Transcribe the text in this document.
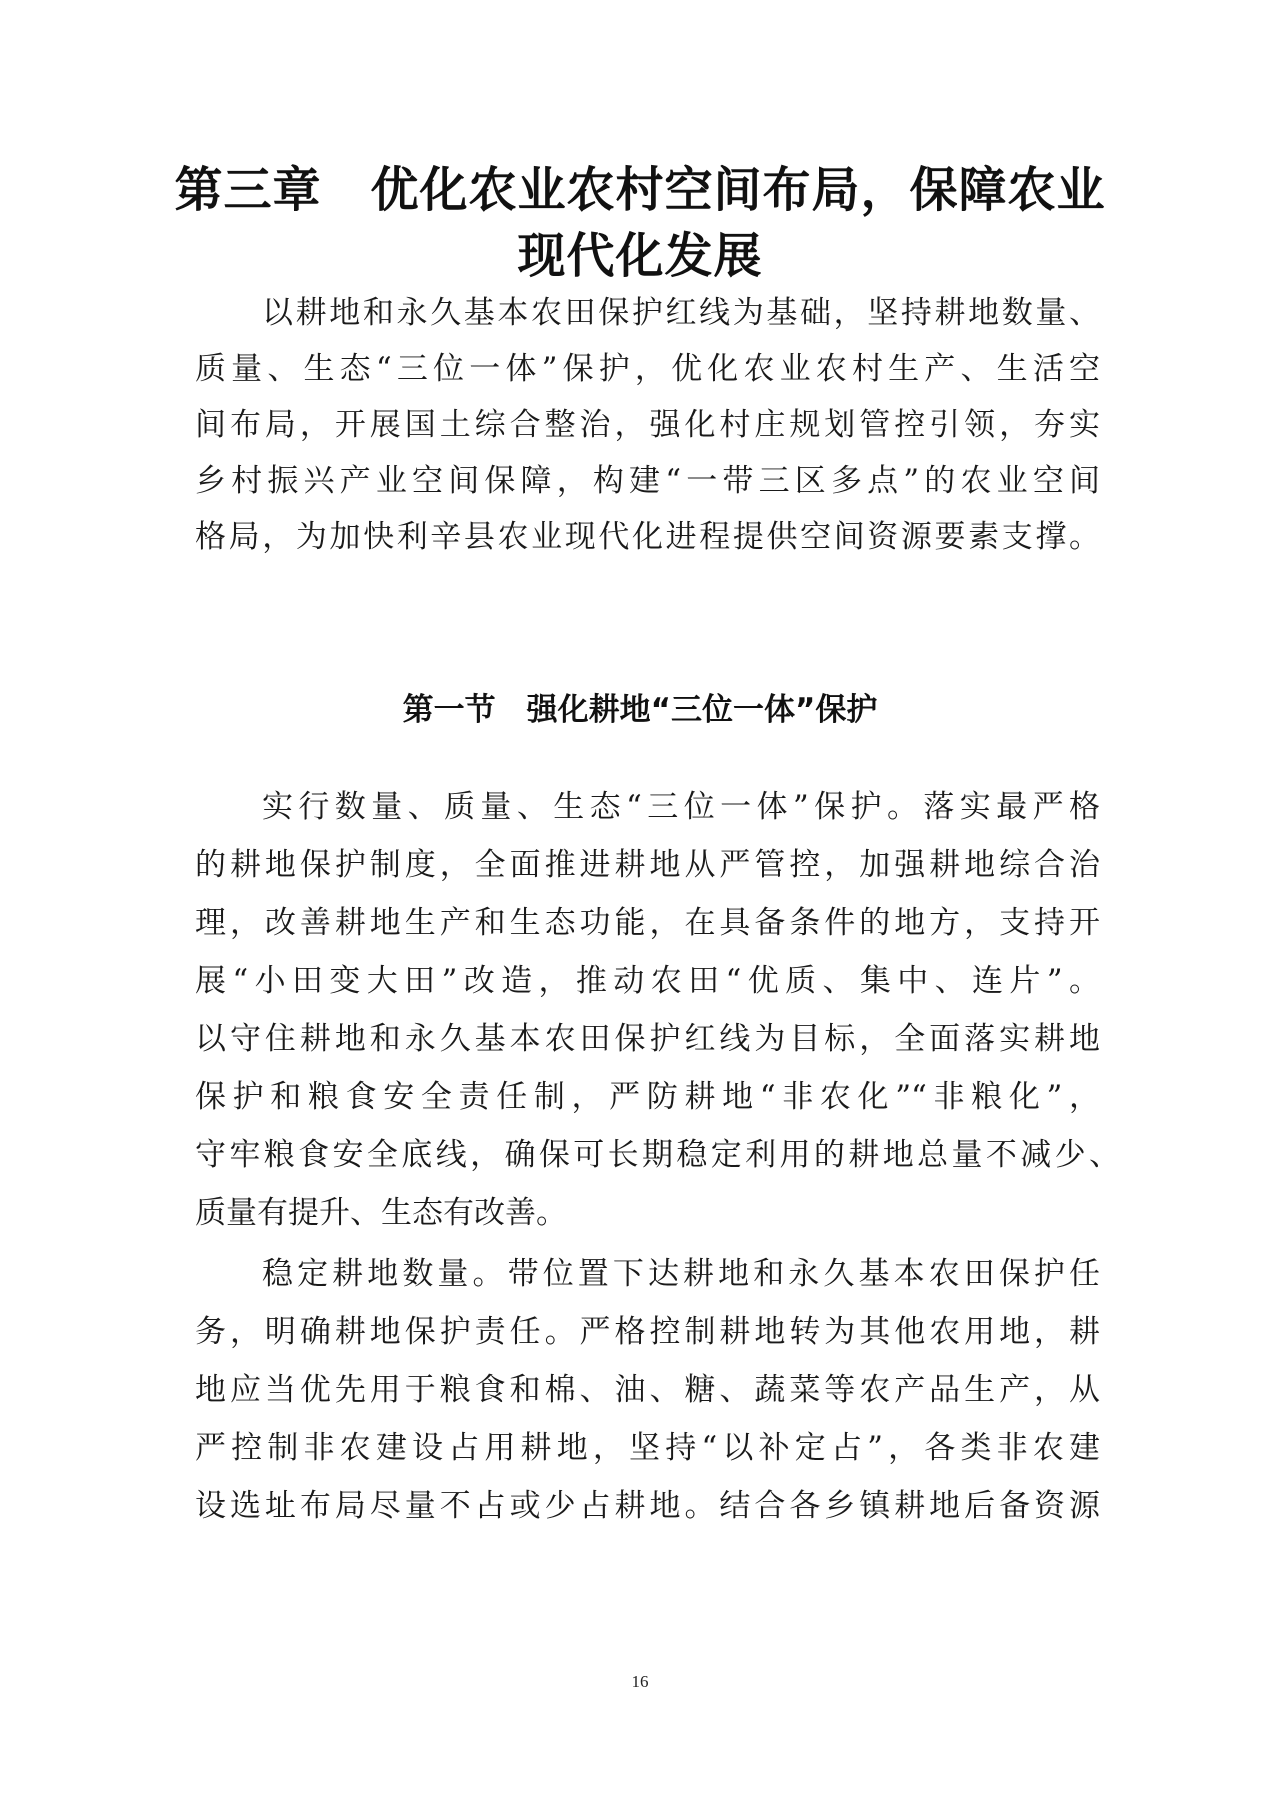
第三章　优化农业农村空间布局，保障农业
现代化发展
以耕地和永久基本农田保护红线为基础，坚持耕地数量、
质量、生态“三位一体”保护，优化农业农村生产、生活空
间布局，开展国土综合整治，强化村庄规划管控引领，夯实
乡村振兴产业空间保障，构建“一带三区多点”的农业空间
格局，为加快利辛县农业现代化进程提供空间资源要素支撑。
第一节　强化耕地“三位一体”保护
实行数量、质量、生态“三位一体”保护。落实最严格
的耕地保护制度，全面推进耕地从严管控，加强耕地综合治
理，改善耕地生产和生态功能，在具备条件的地方，支持开
展“小田变大田”改造，推动农田“优质、集中、连片”。
以守住耕地和永久基本农田保护红线为目标，全面落实耕地
保护和粮食安全责任制，严防耕地“非农化”“非粮化”，
守牢粮食安全底线，确保可长期稳定利用的耕地总量不减少、
质量有提升、生态有改善。
稳定耕地数量。带位置下达耕地和永久基本农田保护任
务，明确耕地保护责任。严格控制耕地转为其他农用地，耕
地应当优先用于粮食和棉、油、糖、蔬菜等农产品生产，从
严控制非农建设占用耕地，坚持“以补定占”，各类非农建
设选址布局尽量不占或少占耕地。结合各乡镇耕地后备资源
16
